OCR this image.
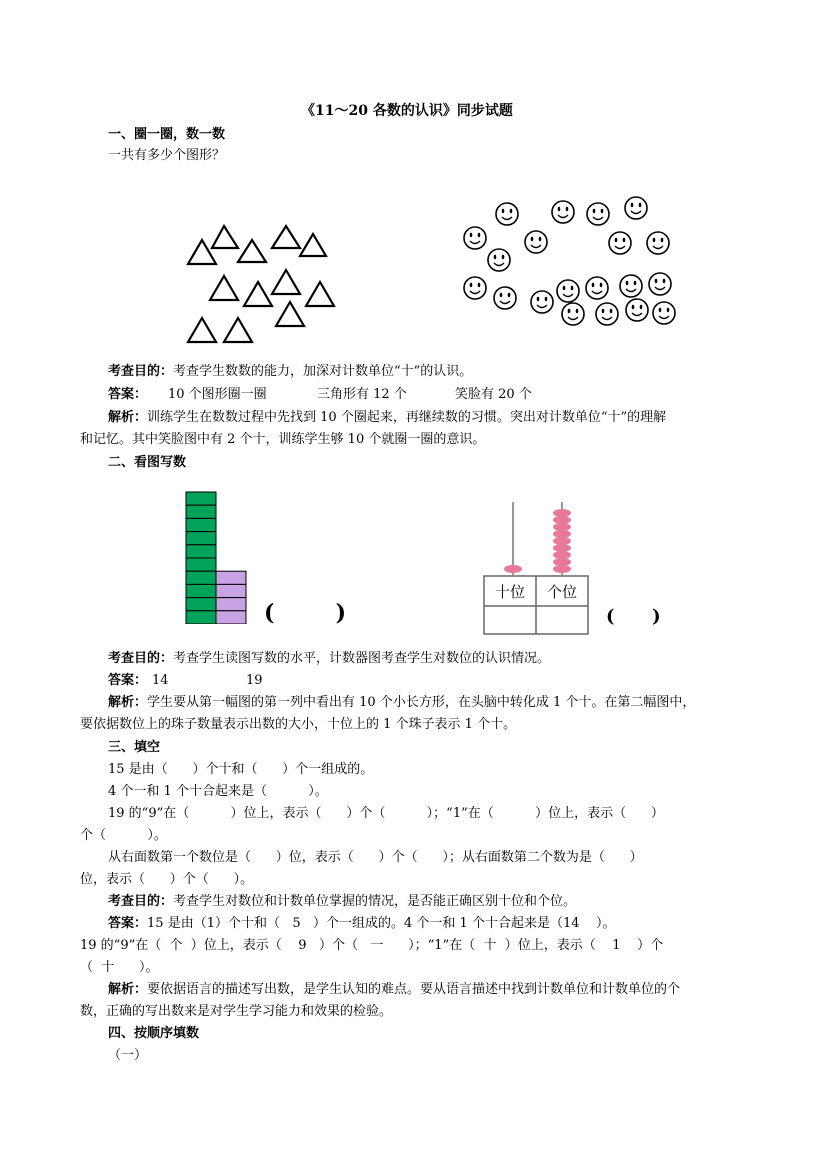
《11～20 各数的认识》同步试题
一、圈一圈，数一数
一共有多少个图形？
考查目的：考查学生数数的能力，加深对计数单位“十”的认识。
答案： 10 个图形圈一圈	三角形有 12 个	笑脸有 20 个
解析：训练学生在数数过程中先找到 10 个圈起来，再继续数的习惯。突出对计数单位“十”的理解
和记忆。其中笑脸图中有 2 个十，训练学生够 10 个就圈一圈的意识。
二、看图写数
(        )
十位 个位
(      )
考查目的：考查学生读图写数的水平，计数器图考查学生对数位的认识情况。
答案： 14	19
解析：学生要从第一幅图的第一列中看出有 10 个小长方形，在头脑中转化成 1 个十。在第二幅图中，
要依据数位上的珠子数量表示出数的大小，十位上的 1 个珠子表示 1 个十。
三、填空
15 是由（      ）个十和（      ）个一组成的。
4 个一和 1 个十合起来是（          ）。
19 的“9”在（          ）位上，表示（      ）个（          ）；“1”在（          ）位上，表示（      ）
个（          ）。
从右面数第一个数位是（      ）位，表示（      ）个（      ）；从右面数第二个数为是（      ）
位，表示（      ）个（      ）。
考查目的：考查学生对数位和计数单位掌握的情况，是否能正确区别十位和个位。
答案：15 是由（1）个十和（   5   ）个一组成的。4 个一和 1 个十合起来是（14    ）。
19 的“9”在（  个  ）位上，表示（    9   ）个（   一      ）；“1”在（  十  ）位上，表示（    1    ）个
（  十      ）。
解析：要依据语言的描述写出数，是学生认知的难点。要从语言描述中找到计数单位和计数单位的个
数，正确的写出数来是对学生学习能力和效果的检验。
四、按顺序填数
（一）
